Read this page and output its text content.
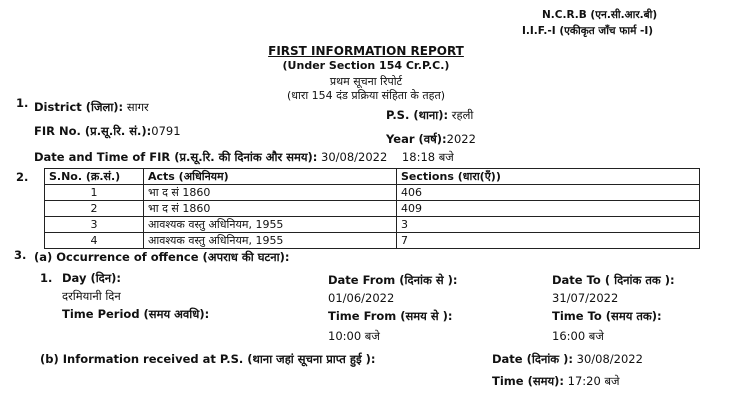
N.C.R.B (एन.सी.आर.बी)
I.I.F.-I (एकीकृत जाँच फार्म -I)
FIRST INFORMATION REPORT
(Under Section 154 Cr.P.C.)
प्रथम सूचना रिपोर्ट
(धारा 154 दंड प्रक्रिया संहिता के तहत)
1. District (जिला): सागर
P.S. (थाना): रहली
FIR No. (प्र.सू.रि. सं.):0791
Year (वर्ष):2022
Date and Time of FIR (प्र.सू.रि. की दिनांक और समय): 30/08/2022    18:18 बजे
2. S.No. (क्र.सं.)	Acts (अधिनियम)	Sections (धारा(एँ))
1	भा द सं 1860	406
2	भा द सं 1860	409
3	आवश्यक वस्तु अधिनियम, 1955	3
4	आवश्यक वस्तु अधिनियम, 1955	7
3. (a) Occurrence of offence (अपराध की घटना):
1. Day (दिन):
दरमियानी दिन
Time Period (समय अवधि):
Date From (दिनांक से ):
01/06/2022
Time From (समय से ):
10:00 बजे
Date To ( दिनांक तक ):
31/07/2022
Time To (समय तक):
16:00 बजे
(b) Information received at P.S. (थाना जहां सूचना प्राप्त हुई ):	Date (दिनांक ): 30/08/2022
Time (समय): 17:20 बजे
